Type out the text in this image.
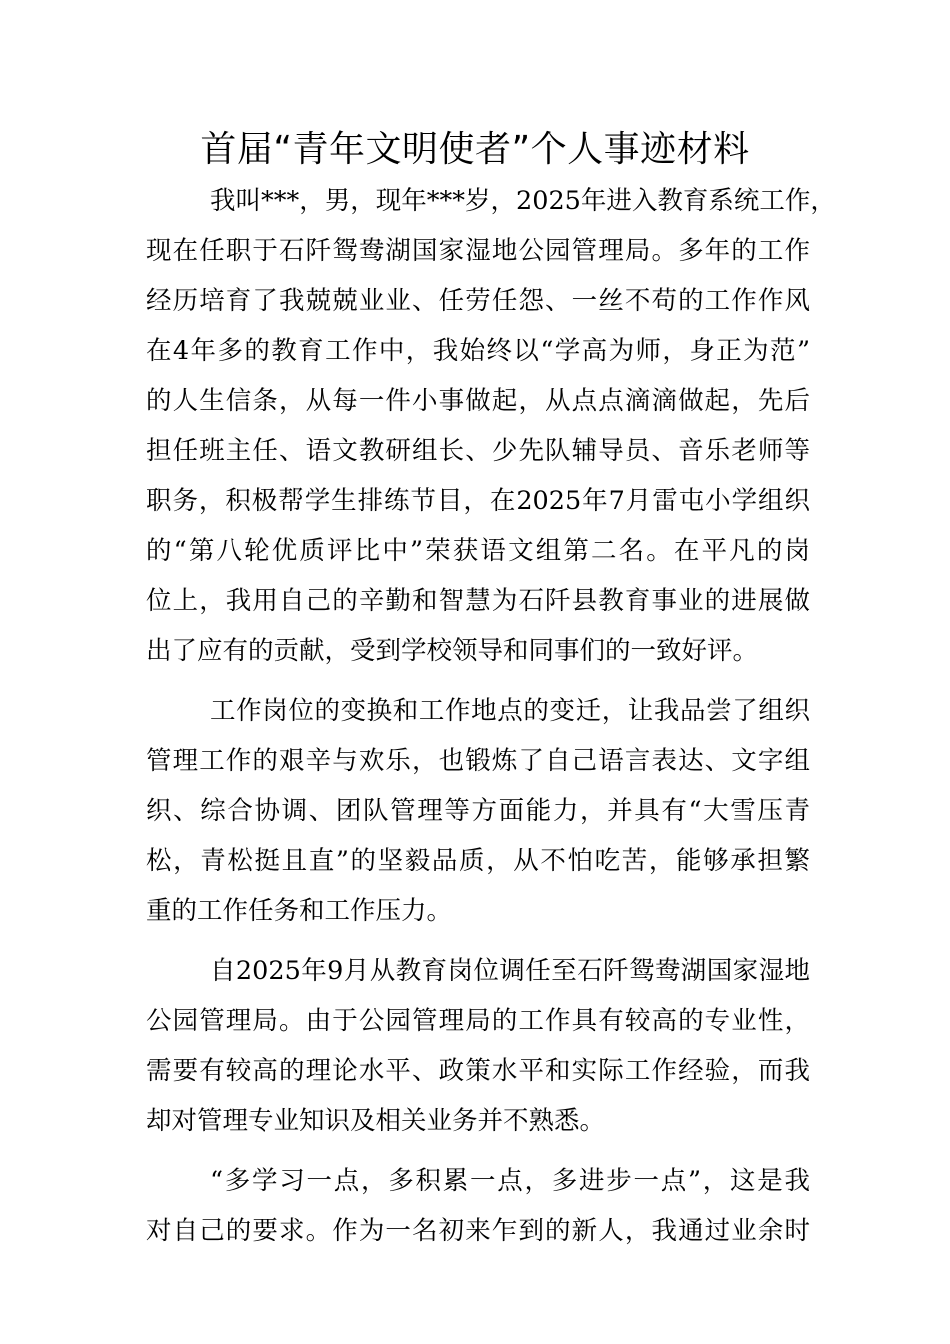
首届“青年文明使者”个人事迹材料
我叫***，男，现年***岁，2025年进入教育系统工作，
现在任职于石阡鸳鸯湖国家湿地公园管理局。多年的工作
经历培育了我兢兢业业、任劳任怨、一丝不苟的工作作风
在4年多的教育工作中，我始终以“学高为师，身正为范”
的人生信条，从每一件小事做起，从点点滴滴做起，先后
担任班主任、语文教研组长、少先队辅导员、音乐老师等
职务，积极帮学生排练节目，在2025年7月雷屯小学组织
的“第八轮优质评比中”荣获语文组第二名。在平凡的岗
位上，我用自己的辛勤和智慧为石阡县教育事业的进展做
出了应有的贡献，受到学校领导和同事们的一致好评。
工作岗位的变换和工作地点的变迁，让我品尝了组织
管理工作的艰辛与欢乐，也锻炼了自己语言表达、文字组
织、综合协调、团队管理等方面能力，并具有“大雪压青
松，青松挺且直”的坚毅品质，从不怕吃苦，能够承担繁
重的工作任务和工作压力。
自2025年9月从教育岗位调任至石阡鸳鸯湖国家湿地
公园管理局。由于公园管理局的工作具有较高的专业性，
需要有较高的理论水平、政策水平和实际工作经验，而我
却对管理专业知识及相关业务并不熟悉。
“多学习一点，多积累一点，多进步一点”，这是我
对自己的要求。作为一名初来乍到的新人，我通过业余时
